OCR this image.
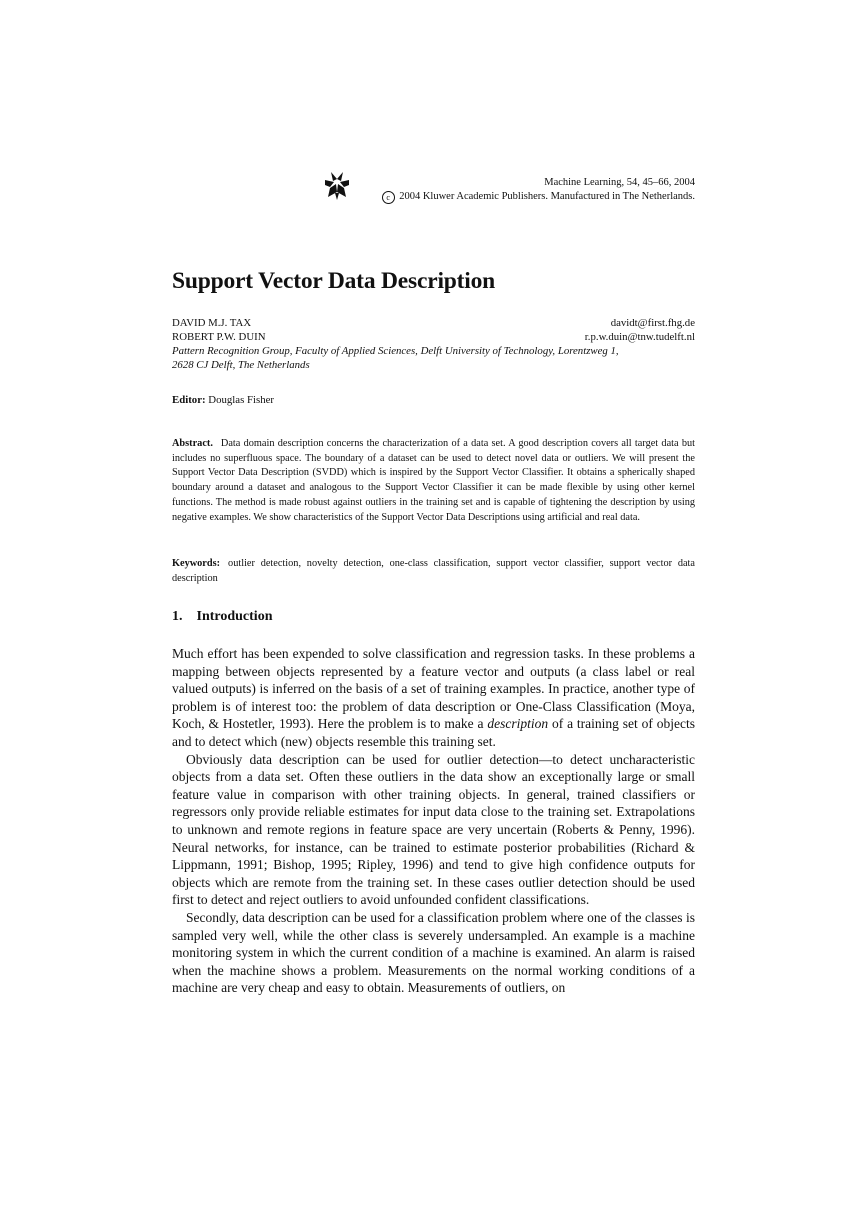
Machine Learning, 54, 45–66, 2004
c 2004 Kluwer Academic Publishers. Manufactured in The Netherlands.
Support Vector Data Description
DAVID M.J. TAX	davidt@first.fhg.de
ROBERT P.W. DUIN	r.p.w.duin@tnw.tudelft.nl
Pattern Recognition Group, Faculty of Applied Sciences, Delft University of Technology, Lorentzweg 1,
2628 CJ Delft, The Netherlands
Editor: Douglas Fisher
Abstract. Data domain description concerns the characterization of a data set. A good description covers all target data but includes no superfluous space. The boundary of a dataset can be used to detect novel data or outliers. We will present the Support Vector Data Description (SVDD) which is inspired by the Support Vector Classifier. It obtains a spherically shaped boundary around a dataset and analogous to the Support Vector Classifier it can be made flexible by using other kernel functions. The method is made robust against outliers in the training set and is capable of tightening the description by using negative examples. We show characteristics of the Support Vector Data Descriptions using artificial and real data.
Keywords: outlier detection, novelty detection, one-class classification, support vector classifier, support vector data description
1. Introduction

Much effort has been expended to solve classification and regression tasks. In these problems a mapping between objects represented by a feature vector and outputs (a class label or real valued outputs) is inferred on the basis of a set of training examples. In practice, another type of problem is of interest too: the problem of data description or One-Class Classification (Moya, Koch, & Hostetler, 1993). Here the problem is to make a description of a training set of objects and to detect which (new) objects resemble this training set.

Obviously data description can be used for outlier detection—to detect uncharacteristic objects from a data set. Often these outliers in the data show an exceptionally large or small feature value in comparison with other training objects. In general, trained classifiers or regressors only provide reliable estimates for input data close to the training set. Extrapolations to unknown and remote regions in feature space are very uncertain (Roberts & Penny, 1996). Neural networks, for instance, can be trained to estimate posterior probabilities (Richard & Lippmann, 1991; Bishop, 1995; Ripley, 1996) and tend to give high confidence outputs for objects which are remote from the training set. In these cases outlier detection should be used first to detect and reject outliers to avoid unfounded confident classifications.

Secondly, data description can be used for a classification problem where one of the classes is sampled very well, while the other class is severely undersampled. An example is a machine monitoring system in which the current condition of a machine is examined. An alarm is raised when the machine shows a problem. Measurements on the normal working conditions of a machine are very cheap and easy to obtain. Measurements of outliers, on
